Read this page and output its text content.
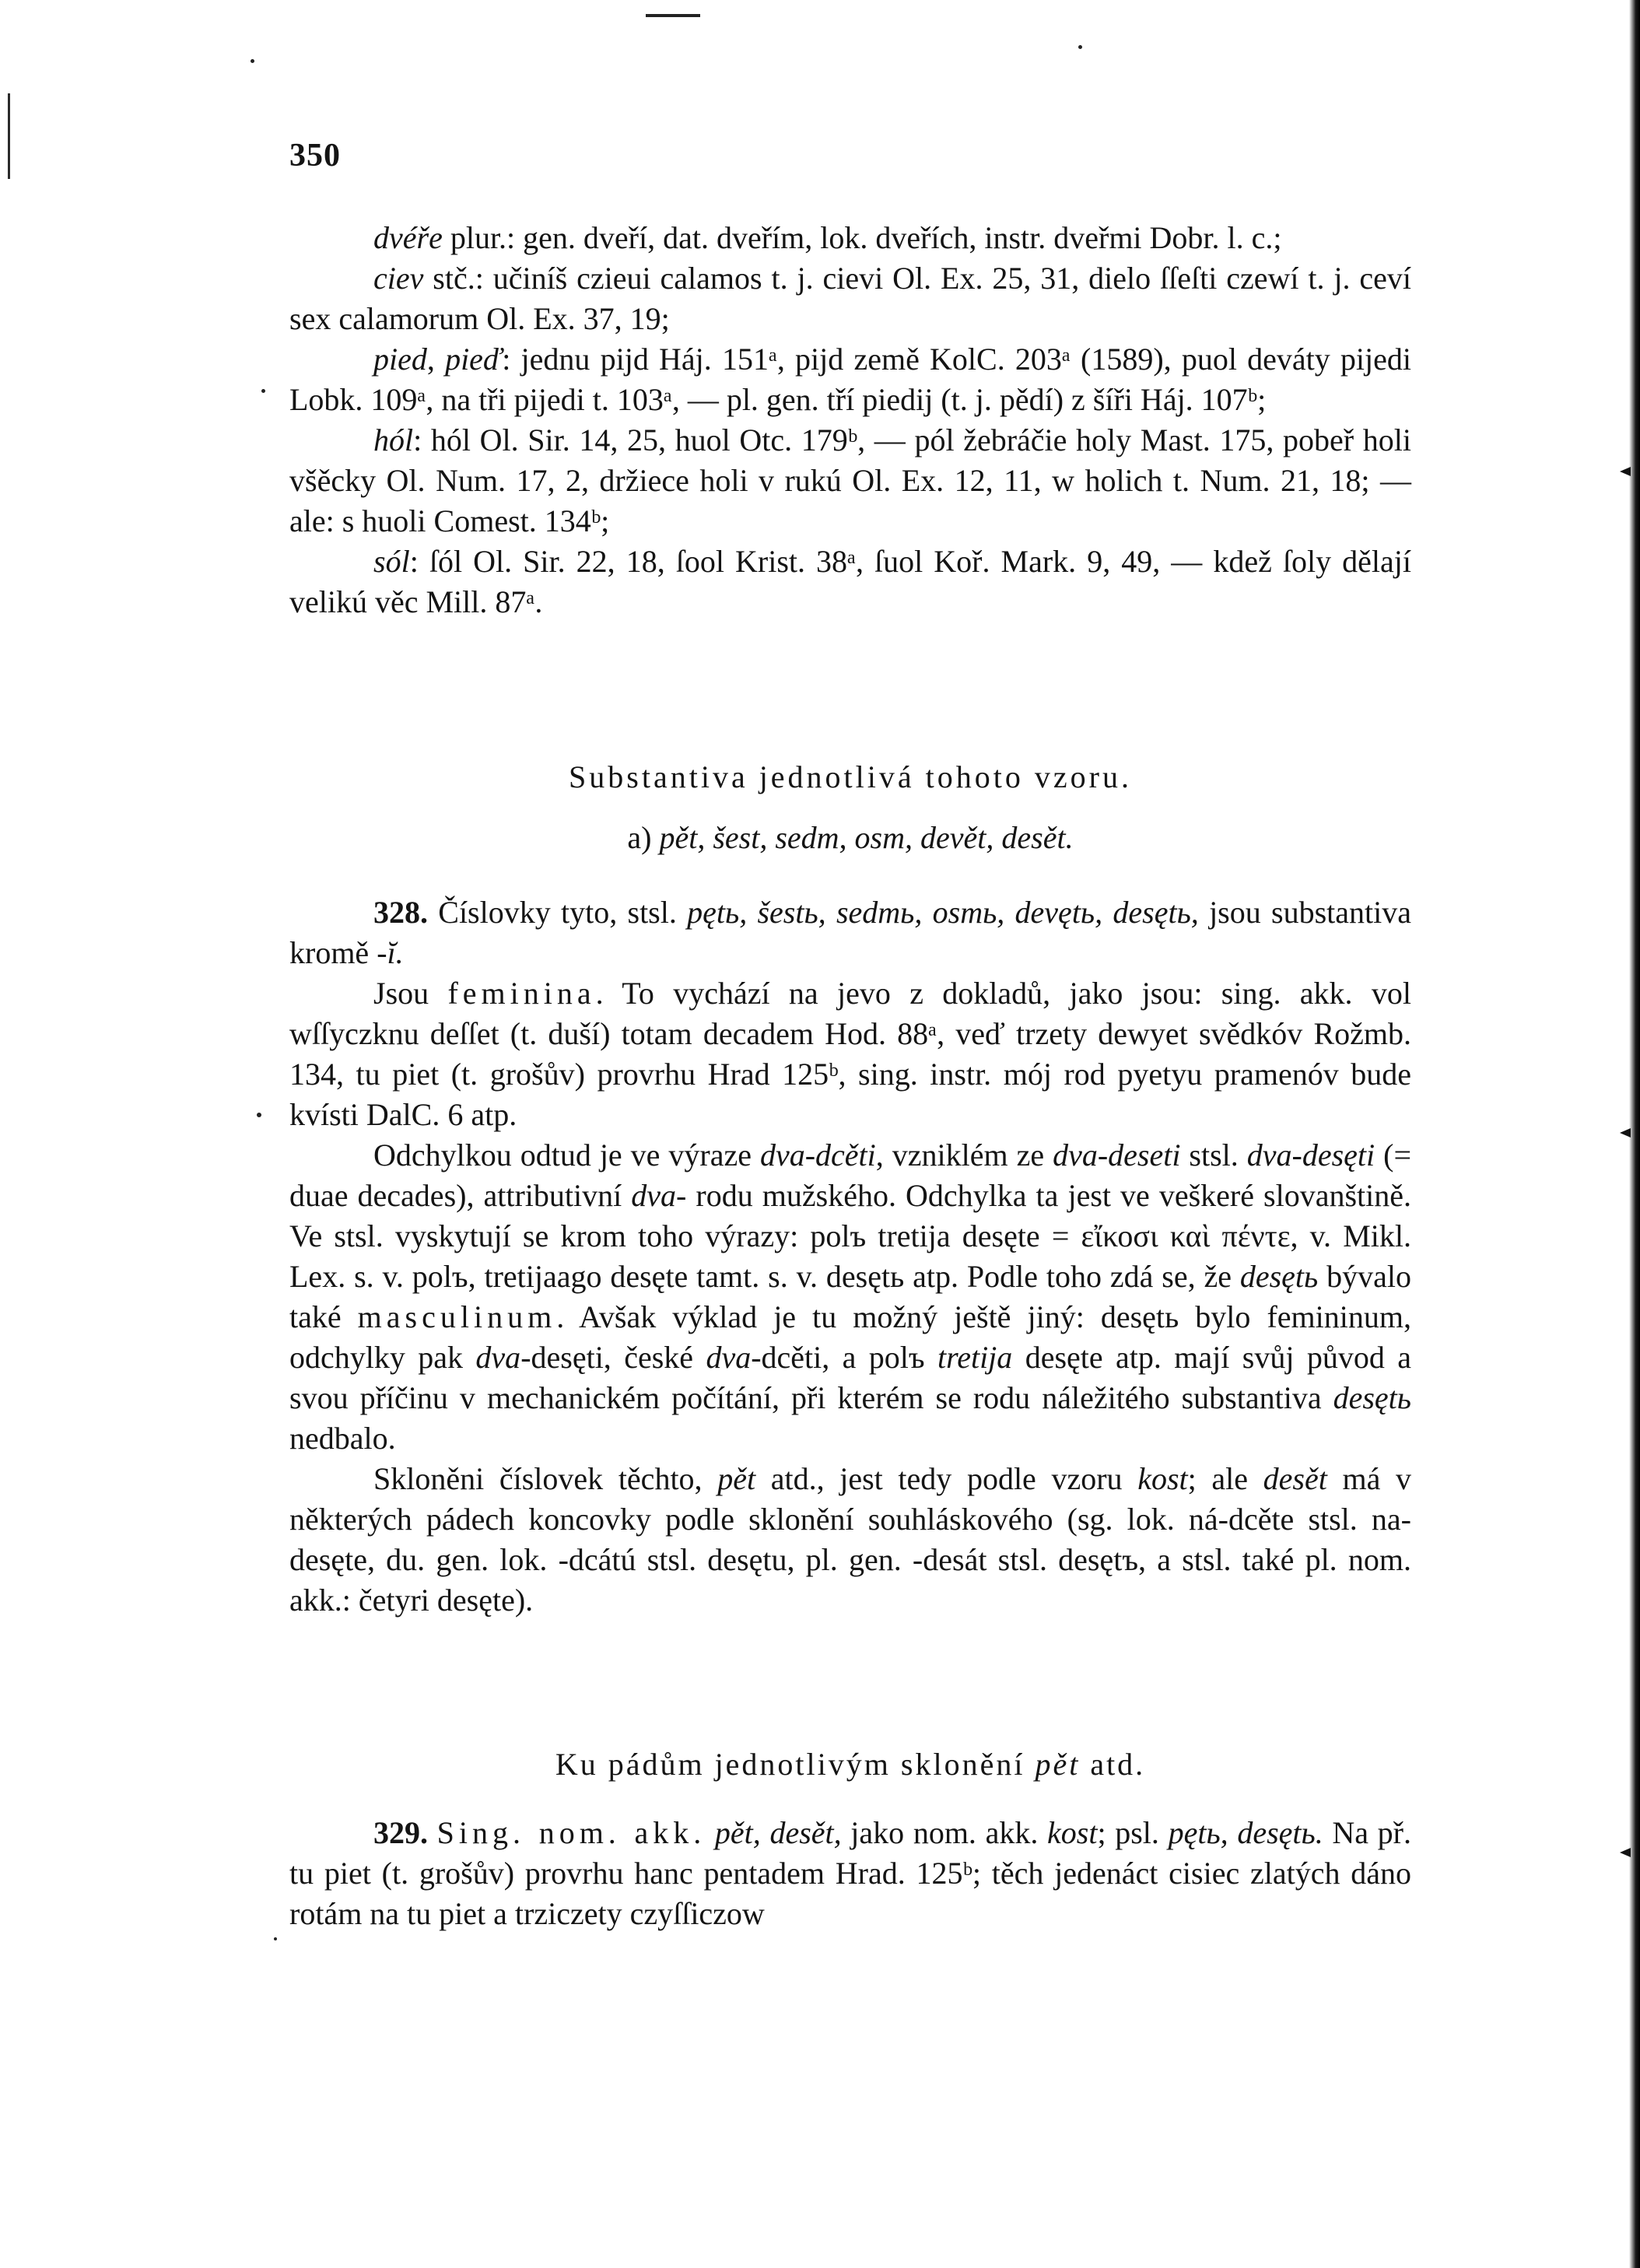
350

dvéře plur.: gen. dveří, dat. dveřím, lok. dveřích, instr. dveřmi Dobr. l. c.;

ciev stč.: učiníš czieui calamos t. j. cievi Ol. Ex. 25, 31, dielo ſſeſti czewí t. j. ceví sex calamorum Ol. Ex. 37, 19;

pied, pieď: jednu pijd Háj. 151ᵃ, pijd země KolC. 203ᵃ (1589), puol deváty pijedi Lobk. 109ᵃ, na tři pijedi t. 103ᵃ, — pl. gen. tří piedij (t. j. pědí) z šíři Háj. 107ᵇ;

hól: hól Ol. Sir. 14, 25, huol Otc. 179ᵇ, — pól žebráčie holy Mast. 175, pobeř holi všěcky Ol. Num. 17, 2, držiece holi v rukú Ol. Ex. 12, 11, w holich t. Num. 21, 18; — ale: s huoli Comest. 134ᵇ;

sól: ſól Ol. Sir. 22, 18, ſool Krist. 38ᵃ, ſuol Koř. Mark. 9, 49, — kdež ſoly dělají velikú věc Mill. 87ᵃ.

Substantiva jednotlivá tohoto vzoru.
a) pět, šest, sedm, osm, devět, desět.

328. Číslovky tyto, stsl. pętь, šestь, sedmь, osmь, devętь, desętь, jsou substantiva kromě -ĭ.

Jsou feminina. To vychází na jevo z dokladů, jako jsou: sing. akk. vol wſſyczknu deſſet (t. duší) totam decadem Hod. 88ᵃ, veď trzety dewyet svědkóv Rožmb. 134, tu piet (t. grošův) provrhu Hrad 125ᵇ, sing. instr. mój rod pyetyu pramenóv bude kvísti DalC. 6 atp.

Odchylkou odtud je ve výraze dva-dcěti, vzniklém ze dva-deseti stsl. dva-desęti (= duae decades), attributivní dva- rodu mužského. Odchylka ta jest ve veškeré slovanštině. Ve stsl. vyskytují se krom toho výrazy: polъ tretija desęte = εἴκοσι καὶ πέντε, v. Mikl. Lex. s. v. polъ, tretijaago desęte tamt. s. v. desętь atp. Podle toho zdá se, že desętь bývalo také masculinum. Avšak výklad je tu možný ještě jiný: desętь bylo femininum, odchylky pak dva-desęti, české dva-dcěti, a polъ tretija desęte atp. mají svůj původ a svou příčinu v mechanickém počítání, při kterém se rodu náležitého substantiva desętь nedbalo.

Skloněni číslovek těchto, pět atd., jest tedy podle vzoru kost; ale desět má v některých pádech koncovky podle sklonění souhláskového (sg. lok. ná-dcěte stsl. na-desęte, du. gen. lok. -dcátú stsl. desętu, pl. gen. -desát stsl. desętъ, a stsl. také pl. nom. akk.: četyri desęte).

Ku pádům jednotlivým sklonění pět atd.

329. Sing. nom. akk. pět, desět, jako nom. akk. kost; psl. pętь, desętь. Na př. tu piet (t. grošův) provrhu hanc pentadem Hrad. 125ᵇ; těch jedenáct cisiec zlatých dáno rotám na tu piet a trziczety czyſſiczow
